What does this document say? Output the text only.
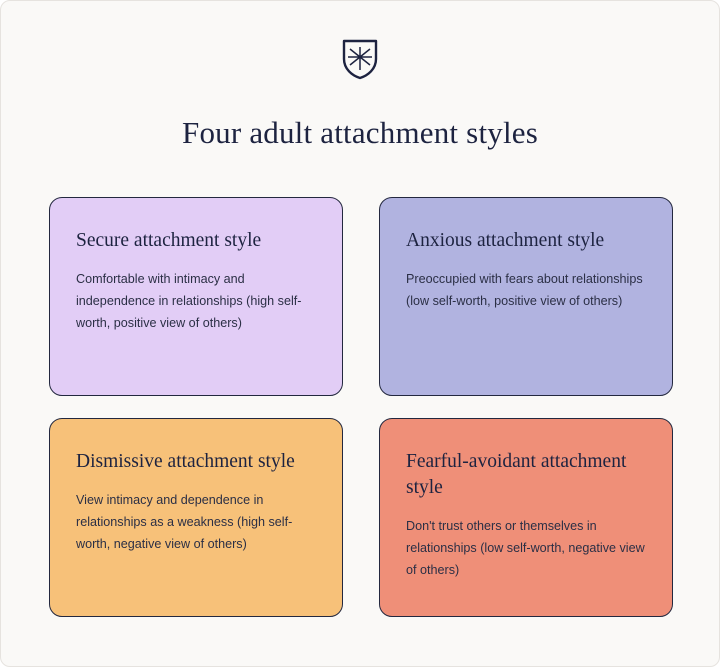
Four adult attachment styles
Secure attachment style
Comfortable with intimacy and independence in relationships (high self-worth, positive view of others)
Anxious attachment style
Preoccupied with fears about relationships (low self-worth, positive view of others)
Dismissive attachment style
View intimacy and dependence in relationships as a weakness (high self-worth, negative view of others)
Fearful-avoidant attachment style
Don't trust others or themselves in relationships (low self-worth, negative view of others)
